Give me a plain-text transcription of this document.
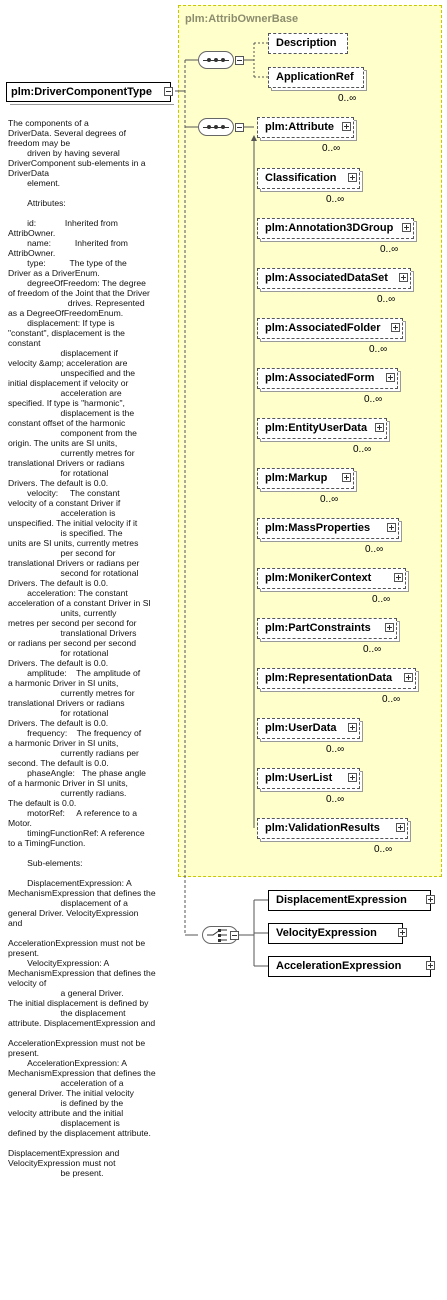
plm:AttribOwnerBase
plm:DriverComponentType
Description
ApplicationRef
0..∞
plm:Attribute
0..∞
Classification
0..∞
plm:Annotation3DGroup
0..∞
plm:AssociatedDataSet
0..∞
plm:AssociatedFolder
0..∞
plm:AssociatedForm
0..∞
plm:EntityUserData
0..∞
plm:Markup
0..∞
plm:MassProperties
0..∞
plm:MonikerContext
0..∞
plm:PartConstraints
0..∞
plm:RepresentationData
0..∞
plm:UserData
0..∞
plm:UserList
0..∞
plm:ValidationResults
0..∞
DisplacementExpression
VelocityExpression
AccelerationExpression
The components of a
DriverData. Several degrees of
freedom may be
driven by having several
DriverComponent sub-elements in a
DriverData
element.

Attributes:

id:            Inherited from
AttribOwner.
name:          Inherited from
AttribOwner.
type:          The type of the
Driver as a DriverEnum.
degreeOfFreedom: The degree
of freedom of the Joint that the Driver
drives. Represented
as a DegreeOfFreedomEnum.
displacement: If type is
"constant", displacement is the
constant
displacement if
velocity &amp; acceleration are
unspecified and the
initial displacement if velocity or
acceleration are
specified. If type is "harmonic",
displacement is the
constant offset of the harmonic
component from the
origin. The units are SI units,
currently metres for
translational Drivers or radians
for rotational
Drivers. The default is 0.0.
velocity:     The constant
velocity of a constant Driver if
acceleration is
unspecified. The initial velocity if it
is specified. The
units are SI units, currently metres
per second for
translational Drivers or radians per
second for rotational
Drivers. The default is 0.0.
acceleration: The constant
acceleration of a constant Driver in SI
units, currently
metres per second per second for
translational Drivers
or radians per second per second
for rotational
Drivers. The default is 0.0.
amplitude:    The amplitude of
a harmonic Driver in SI units,
currently metres for
translational Drivers or radians
for rotational
Drivers. The default is 0.0.
frequency:    The frequency of
a harmonic Driver in SI units,
currently radians per
second. The default is 0.0.
phaseAngle:   The phase angle
of a harmonic Driver in SI units,
currently radians.
The default is 0.0.
motorRef:     A reference to a
Motor.
timingFunctionRef: A reference
to a TimingFunction.

Sub-elements:

DisplacementExpression: A
MechanismExpression that defines the
displacement of a
general Driver. VelocityExpression
and

AccelerationExpression must not be
present.
VelocityExpression: A
MechanismExpression that defines the
velocity of
a general Driver.
The initial displacement is defined by
the displacement
attribute. DisplacementExpression and

AccelerationExpression must not be
present.
AccelerationExpression: A
MechanismExpression that defines the
acceleration of a
general Driver. The initial velocity
is defined by the
velocity attribute and the initial
displacement is
defined by the displacement attribute.

DisplacementExpression and
VelocityExpression must not
be present.
